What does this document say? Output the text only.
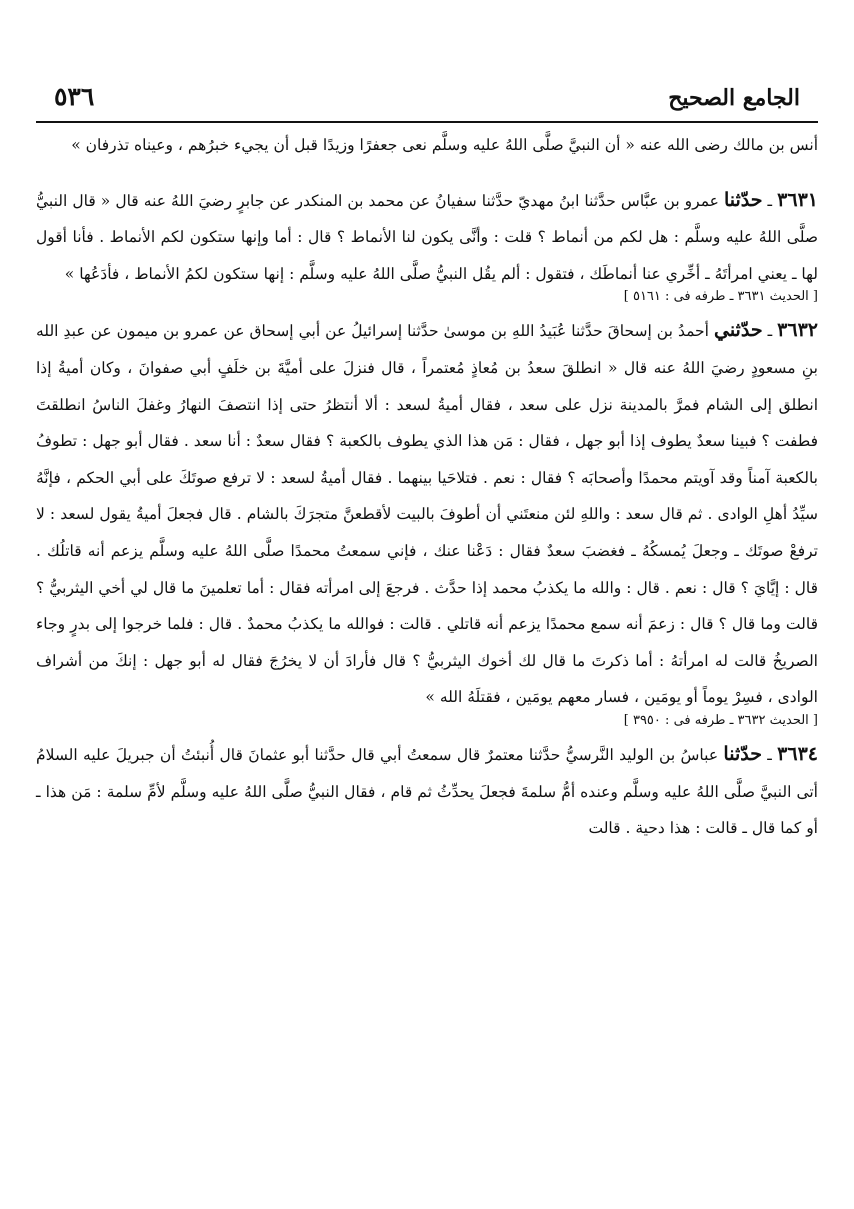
الجامع الصحيح
٥٣٦

أنس بن مالك رضى الله عنه « أن النبيَّ صلَّى اللهُ عليه وسلَّم نعى جعفرًا وزيدًا قبل أن يجيء خبرُهم ، وعيناه تذرفان »

٣٦٣١ ـ حدّثنا عمرو بن عبَّاس حدَّثنا ابنُ مهديّ حدَّثنا سفيانُ عن محمد بن المنكدر عن جابرٍ رضيَ اللهُ عنه قال « قال النبيُّ صلَّى اللهُ عليه وسلَّم : هل لكم من أنماط ؟ قلت : وأنَّى يكون لنا الأنماط ؟ قال : أما وإنها ستكون لكم الأنماط . فأنا أقول لها ـ يعني امرأتَهُ ـ أخِّري عنا أنماطَك ، فتقول : ألم يقُل النبيُّ صلَّى اللهُ عليه وسلَّم : إنها ستكون لكمُ الأنماط ، فأدَعُها »

[ الحديث ٣٦٣١ ـ طرفه فى : ٥١٦١ ]

٣٦٣٢ ـ حدّثني أحمدُ بن إسحاقَ حدَّثنا عُبَيدُ اللهِ بن موسىٰ حدَّثنا إسرائيلُ عن أبي إسحاق عن عمرو بن ميمون عن عبدِ الله بنِ مسعودٍ رضيَ اللهُ عنه قال « انطلقَ سعدُ بن مُعاذٍ مُعتمراً ، قال فنزلَ على أميَّةَ بن خلَفٍ أبي صفوانَ ، وكان أميةُ إذا انطلق إلى الشام فمرَّ بالمدينة نزل على سعد ، فقال أميةُ لسعد : ألا أنتظرُ حتى إذا انتصفَ النهارُ وغفلَ الناسُ انطلقتَ فطفت ؟ فبينا سعدٌ يطوف إذا أبو جهل ، فقال : مَن هذا الذي يطوف بالكعبة ؟ فقال سعدٌ : أنا سعد . فقال أبو جهل : تطوفُ بالكعبة آمناً وقد آويتم محمدًا وأصحابَه ؟ فقال : نعم . فتلاحَيا بينهما . فقال أميةُ لسعد : لا ترفع صوتَكَ على أبي الحكم ، فإنَّهُ سيِّدُ أهلِ الوادى . ثم قال سعد : واللهِ لئن منعتَني أن أطوفَ بالبيت لأقطعنَّ متجرَكَ بالشام . قال فجعلَ أميةُ يقول لسعد : لا ترفعْ صوتَك ـ وجعلَ يُمسكُهُ ـ فغضبَ سعدٌ فقال : دَعْنا عنك ، فإني سمعتُ محمدًا صلَّى اللهُ عليه وسلَّم يزعم أنه قاتلُك . قال : إيَّايَ ؟ قال : نعم . قال : والله ما يكذبُ محمد إذا حدَّث . فرجعَ إلى امرأته فقال : أما تعلمينَ ما قال لي أخي اليثربيُّ ؟ قالت وما قال ؟ قال : زعمَ أنه سمع محمدًا يزعم أنه قاتلي . قالت : فوالله ما يكذبُ محمدٌ . قال : فلما خرجوا إلى بدرٍ وجاء الصريخُ قالت له امرأتهُ : أما ذكرتَ ما قال لك أخوك اليثربيُّ ؟ قال فأرادَ أن لا يخرُجَ فقال له أبو جهل : إنكَ من أشراف الوادى ، فسِرْ يوماً أو يومَين ، فسار معهم يومَين ، فقتلَهُ الله »

[ الحديث ٣٦٣٢ ـ طرفه فى : ٣٩٥٠ ]

٣٦٣٤ ـ حدّثنا عباسُ بن الوليد النَّرسيُّ حدَّثنا معتمرٌ قال سمعتُ أبي قال حدَّثنا أبو عثمانَ قال أُنبئتُ أن جبريلَ عليه السلامُ أتى النبيَّ صلَّى اللهُ عليه وسلَّم وعنده أمُّ سلمةَ فجعلَ يحدِّثُ ثم قام ، فقال النبيُّ صلَّى اللهُ عليه وسلَّم لأمِّ سلمة : مَن هذا ـ أو كما قال ـ قالت : هذا دحية . قالت
